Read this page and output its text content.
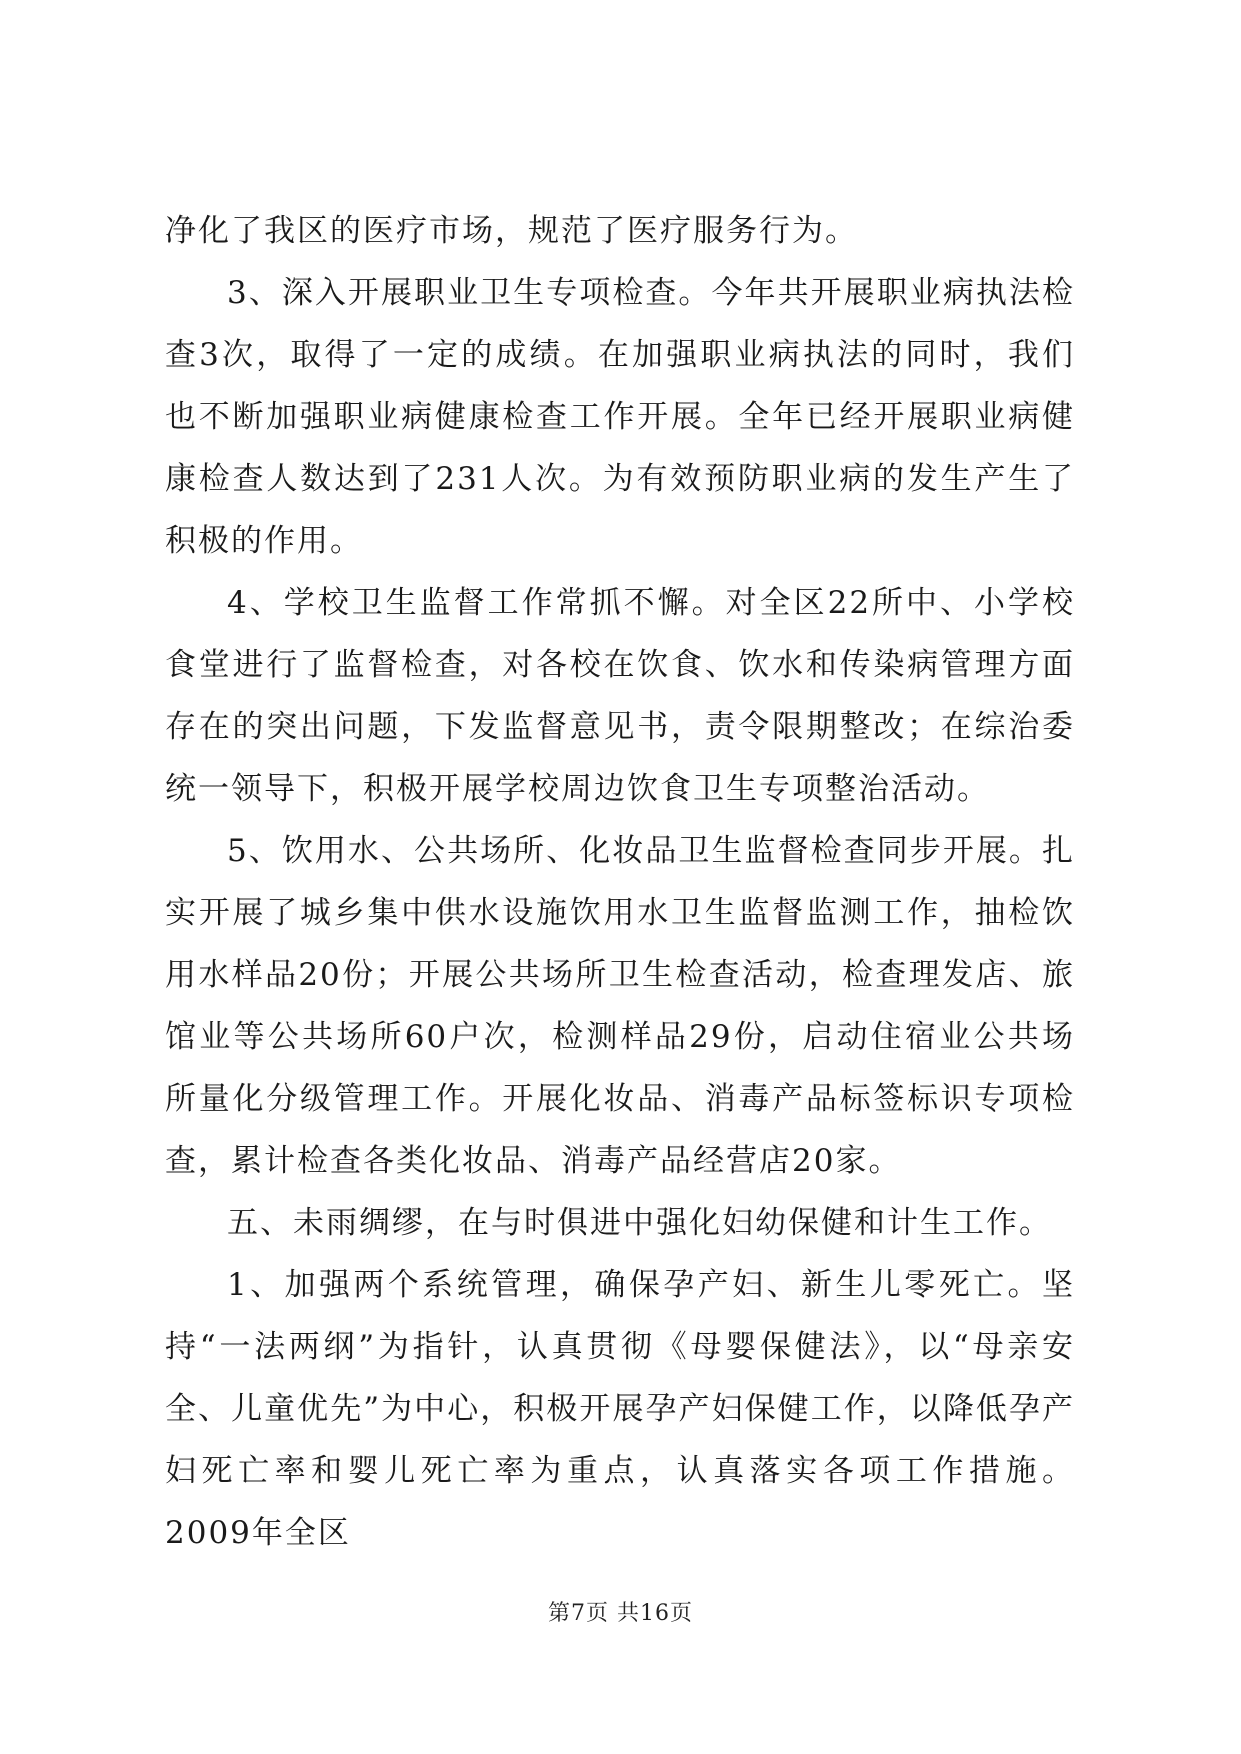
净化了我区的医疗市场，规范了医疗服务行为。

3、深入开展职业卫生专项检查。今年共开展职业病执法检查3次，取得了一定的成绩。在加强职业病执法的同时，我们也不断加强职业病健康检查工作开展。全年已经开展职业病健康检查人数达到了231人次。为有效预防职业病的发生产生了积极的作用。

4、学校卫生监督工作常抓不懈。对全区22所中、小学校食堂进行了监督检查，对各校在饮食、饮水和传染病管理方面存在的突出问题，下发监督意见书，责令限期整改；在综治委统一领导下，积极开展学校周边饮食卫生专项整治活动。

5、饮用水、公共场所、化妆品卫生监督检查同步开展。扎实开展了城乡集中供水设施饮用水卫生监督监测工作，抽检饮用水样品20份；开展公共场所卫生检查活动，检查理发店、旅馆业等公共场所60户次，检测样品29份，启动住宿业公共场所量化分级管理工作。开展化妆品、消毒产品标签标识专项检查，累计检查各类化妆品、消毒产品经营店20家。

五、未雨绸缪，在与时俱进中强化妇幼保健和计生工作。

1、加强两个系统管理，确保孕产妇、新生儿零死亡。坚持“一法两纲”为指针，认真贯彻《母婴保健法》，以“母亲安全、儿童优先”为中心，积极开展孕产妇保健工作，以降低孕产妇死亡率和婴儿死亡率为重点，认真落实各项工作措施。2009年全区

第7页 共16页
